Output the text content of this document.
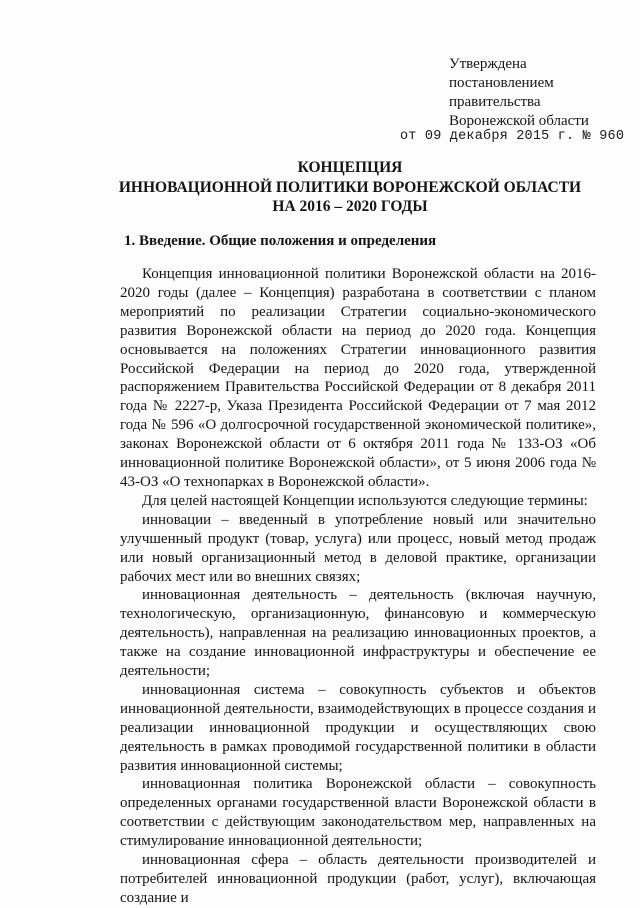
Утверждена
постановлением
правительства
Воронежской области
от 09 декабря 2015 г. № 960
КОНЦЕПЦИЯ
ИННОВАЦИОННОЙ ПОЛИТИКИ ВОРОНЕЖСКОЙ ОБЛАСТИ
НА 2016 – 2020 ГОДЫ
1. Введение. Общие положения и определения

Концепция инновационной политики Воронежской области на 2016-2020 годы (далее – Концепция) разработана в соответствии с планом мероприятий по реализации Стратегии социально-экономического развития Воронежской области на период до 2020 года. Концепция основывается на положениях Стратегии инновационного развития Российской Федерации на период до 2020 года, утвержденной распоряжением Правительства Российской Федерации от 8 декабря 2011 года № 2227-р, Указа Президента Российской Федерации от 7 мая 2012 года № 596 «О долгосрочной государственной экономической политике», законах Воронежской области от 6 октября 2011 года № 133-ОЗ «Об инновационной политике Воронежской области», от 5 июня 2006 года № 43-ОЗ «О технопарках в Воронежской области».

Для целей настоящей Концепции используются следующие термины:

инновации – введенный в употребление новый или значительно улучшенный продукт (товар, услуга) или процесс, новый метод продаж или новый организационный метод в деловой практике, организации рабочих мест или во внешних связях;

инновационная деятельность – деятельность (включая научную, технологическую, организационную, финансовую и коммерческую деятельность), направленная на реализацию инновационных проектов, а также на создание инновационной инфраструктуры и обеспечение ее деятельности;

инновационная система – совокупность субъектов и объектов инновационной деятельности, взаимодействующих в процессе создания и реализации инновационной продукции и осуществляющих свою деятельность в рамках проводимой государственной политики в области развития инновационной системы;

инновационная политика Воронежской области – совокупность определенных органами государственной власти Воронежской области в соответствии с действующим законодательством мер, направленных на стимулирование инновационной деятельности;

инновационная сфера – область деятельности производителей и потребителей инновационной продукции (работ, услуг), включающая создание и
